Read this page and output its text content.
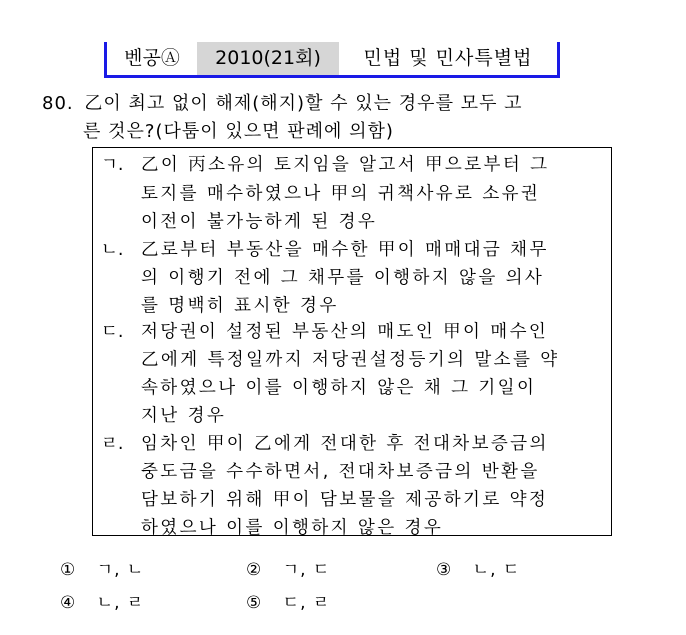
벤공Ⓐ	2010(21회)	민법 및 민사특별법
80. 乙이 최고 없이 해제(해지)할 수 있는 경우를 모두 고
른 것은?(다툼이 있으면 판례에 의함)
ㄱ. 乙이 丙소유의 토지임을 알고서 甲으로부터 그
토지를 매수하였으나 甲의 귀책사유로 소유권
이전이 불가능하게 된 경우
ㄴ. 乙로부터 부동산을 매수한 甲이 매매대금 채무
의 이행기 전에 그 채무를 이행하지 않을 의사
를 명백히 표시한 경우
ㄷ. 저당권이 설정된 부동산의 매도인 甲이 매수인
乙에게 특정일까지 저당권설정등기의 말소를 약
속하였으나 이를 이행하지 않은 채 그 기일이
지난 경우
ㄹ. 임차인 甲이 乙에게 전대한 후 전대차보증금의
중도금을 수수하면서, 전대차보증금의 반환을
담보하기 위해 甲이 담보물을 제공하기로 약정
하였으나 이를 이행하지 않은 경우
① ㄱ, ㄴ	② ㄱ, ㄷ	③ ㄴ, ㄷ
④ ㄴ, ㄹ	⑤ ㄷ, ㄹ
